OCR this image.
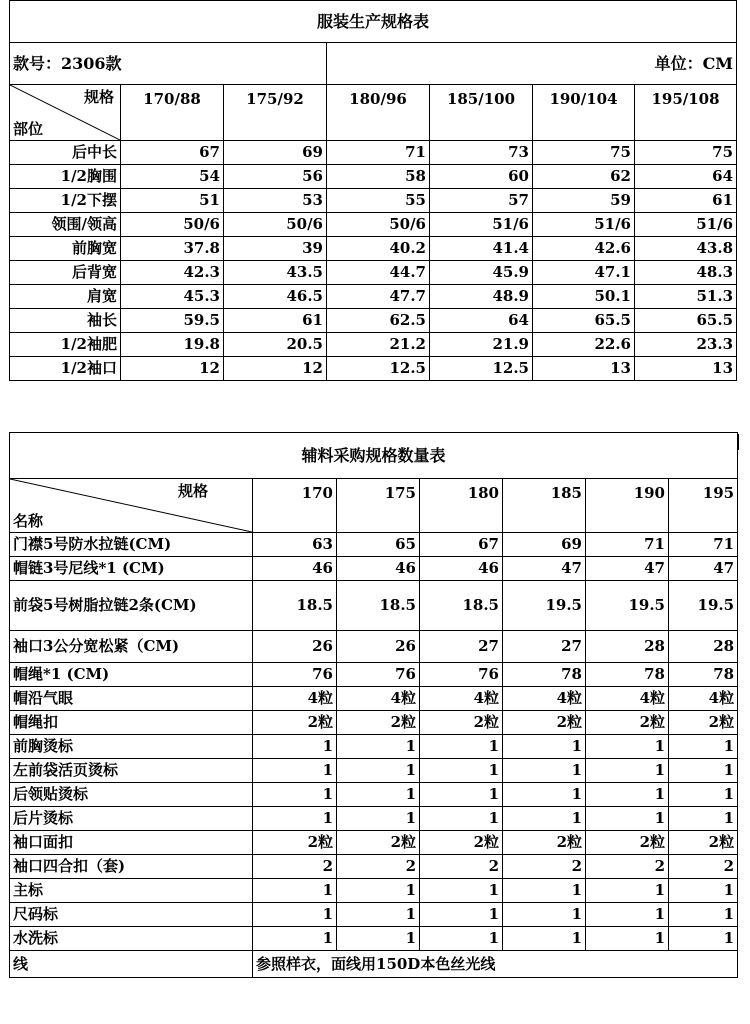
服装生产规格表						
款号：2306款			单位：CM			

规格
部位	170/88	175/92	180/96	185/100	190/104	195/108
后中长	67	69	71	73	75	75
1/2胸围	54	56	58	60	62	64
1/2下摆	51	53	55	57	59	61
领围/领高	50/6	50/6	50/6	51/6	51/6	51/6
前胸宽	37.8	39	40.2	41.4	42.6	43.8
后背宽	42.3	43.5	44.7	45.9	47.1	48.3
肩宽	45.3	46.5	47.7	48.9	50.1	51.3
袖长	59.5	61	62.5	64	65.5	65.5
1/2袖肥	19.8	20.5	21.2	21.9	22.6	23.3
1/2袖口	12	12	12.5	12.5	13	13
辅料采购规格数量表						

规格
名称	170	175	180	185	190	195
门襟5号防水拉链(CM)	63	65	67	69	71	71
帽链3号尼线*1 (CM)	46	46	46	47	47	47
前袋5号树脂拉链2条(CM)	18.5	18.5	18.5	19.5	19.5	19.5
袖口3公分宽松紧（CM)	26	26	27	27	28	28
帽绳*1 (CM)	76	76	76	78	78	78
帽沿气眼	4粒	4粒	4粒	4粒	4粒	4粒
帽绳扣	2粒	2粒	2粒	2粒	2粒	2粒
前胸烫标	1	1	1	1	1	1
左前袋活页烫标	1	1	1	1	1	1
后领贴烫标	1	1	1	1	1	1
后片烫标	1	1	1	1	1	1
袖口面扣	2粒	2粒	2粒	2粒	2粒	2粒
袖口四合扣（套)	2	2	2	2	2	2
主标	1	1	1	1	1	1
尺码标	1	1	1	1	1	1
水洗标	1	1	1	1	1	1
线	参照样衣，面线用150D本色丝光线					
